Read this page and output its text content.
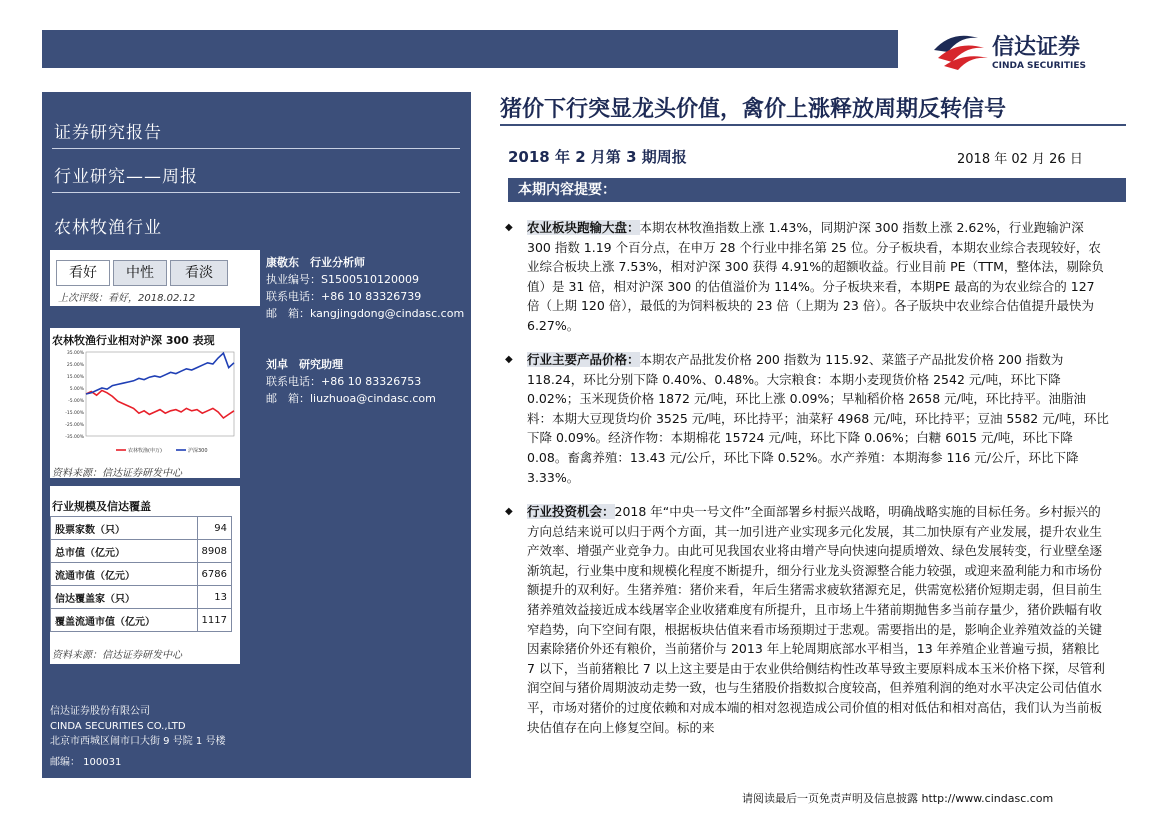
信达证券
CINDA SECURITIES
猪价下行突显龙头价值，禽价上涨释放周期反转信号
2018 年 2 月第 3 期周报	2018 年 02 月 26 日
本期内容提要：
证券研究报告
行业研究——周报
农林牧渔行业
看好	中性	看淡
上次评级：看好，2018.02.12
农林牧渔行业相对沪深 300 表现
35.00%
25.00%
15.00%
5.00%
-5.00%
-15.00%
-25.00%
-35.00%
农林牧渔(申万)	沪深300
资料来源：信达证券研发中心
行业规模及信达覆盖
股票家数（只）	94
总市值（亿元）	8908
流通市值（亿元）	6786
信达覆盖家（只）	13
覆盖流通市值（亿元）	1117
资料来源：信达证券研发中心
信达证券股份有限公司
CINDA SECURITIES CO.,LTD
北京市西城区闹市口大街 9 号院 1 号楼
邮编： 100031
康敬东　行业分析师
执业编号：S1500510120009
联系电话：+86 10 83326739
邮　箱：kangjingdong@cindasc.com
刘卓　研究助理
联系电话：+86 10 83326753
邮　箱：liuzhuoa@cindasc.com
◆ 农业板块跑输大盘：本期农林牧渔指数上涨 1.43%，同期沪深 300 指数上涨 2.62%，行业跑输沪深 300 指数 1.19 个百分点，在申万 28 个行业中排名第 25 位。分子板块看，本期农业综合表现较好，农业综合板块上涨 7.53%，相对沪深 300 获得 4.91%的超额收益。行业目前 PE（TTM，整体法，剔除负值）是 31 倍，相对沪深 300 的估值溢价为 114%。分子板块来看，本期PE 最高的为农业综合的 127 倍（上期 120 倍），最低的为饲料板块的 23 倍（上期为 23 倍）。各子版块中农业综合估值提升最快为 6.27%。
◆ 行业主要产品价格：本期农产品批发价格 200 指数为 115.92、菜篮子产品批发价格 200 指数为 118.24，环比分别下降 0.40%、0.48%。大宗粮食：本期小麦现货价格 2542 元/吨，环比下降 0.02%；玉米现货价格 1872 元/吨，环比上涨 0.09%；早籼稻价格 2658 元/吨，环比持平。油脂油料：本期大豆现货均价 3525 元/吨，环比持平；油菜籽 4968 元/吨，环比持平；豆油 5582 元/吨，环比下降 0.09%。经济作物：本期棉花 15724 元/吨，环比下降 0.06%；白糖 6015 元/吨，环比下降 0.08。畜禽养殖：13.43 元/公斤，环比下降 0.52%。水产养殖：本期海参 116 元/公斤，环比下降 3.33%。
◆ 行业投资机会：2018 年“中央一号文件”全面部署乡村振兴战略，明确战略实施的目标任务。乡村振兴的方向总结来说可以归于两个方面，其一加引进产业实现多元化发展，其二加快原有产业发展，提升农业生产效率、增强产业竞争力。由此可见我国农业将由增产导向快速向提质增效、绿色发展转变，行业壁垒逐渐筑起，行业集中度和规模化程度不断提升，细分行业龙头资源整合能力较强，或迎来盈利能力和市场份额提升的双利好。生猪养殖：猪价来看，年后生猪需求疲软猪源充足，供需宽松猪价短期走弱，但目前生猪养殖效益接近成本线屠宰企业收猪难度有所提升，且市场上牛猪前期抛售多当前存量少，猪价跌幅有收窄趋势，向下空间有限，根据板块估值来看市场预期过于悲观。需要指出的是，影响企业养殖效益的关键因素除猪价外还有粮价，当前猪价与 2013 年上轮周期底部水平相当，13 年养殖企业普遍亏损，猪粮比 7 以下，当前猪粮比 7 以上这主要是由于农业供给侧结构性改革导致主要原料成本玉米价格下探，尽管利润空间与猪价周期波动走势一致，也与生猪股价指数拟合度较高，但养殖利润的绝对水平决定公司估值水平，市场对猪价的过度依赖和对成本端的相对忽视造成公司价值的相对低估和相对高估，我们认为当前板块估值存在向上修复空间。标的来
请阅读最后一页免责声明及信息披露 http://www.cindasc.com
